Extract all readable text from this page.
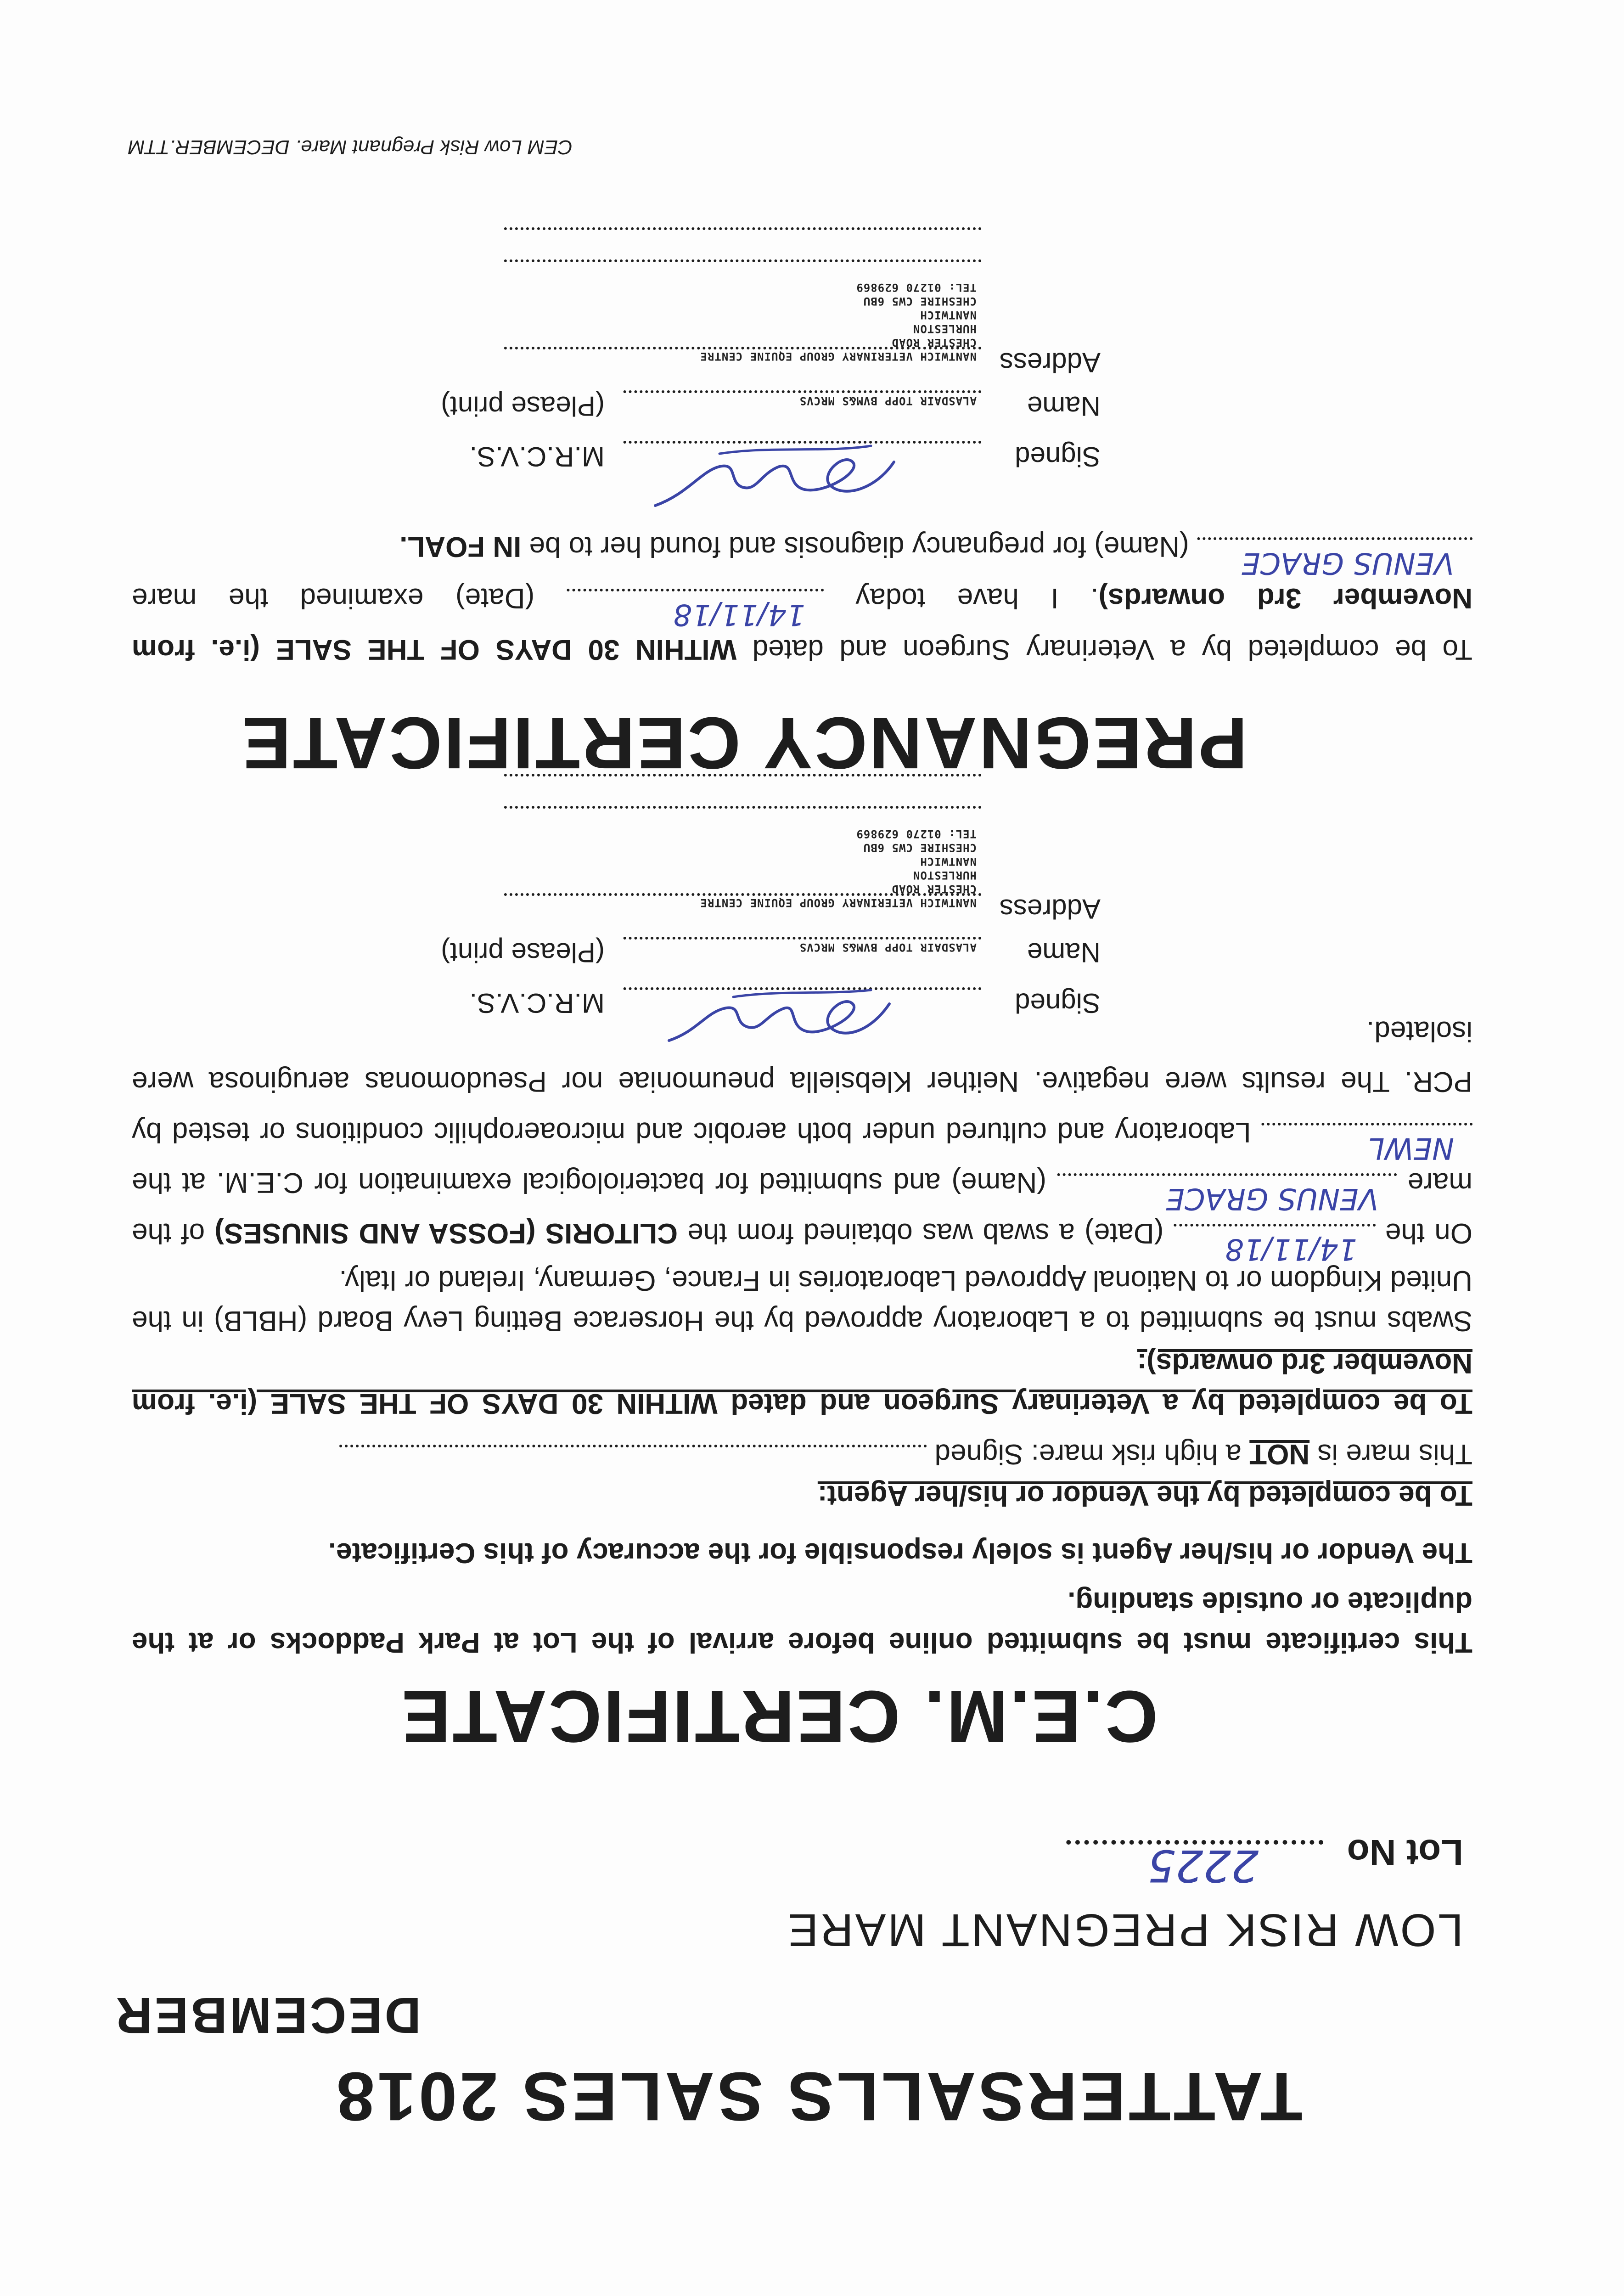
TATTERSALLS SALES 2018
DECEMBER
LOW RISK PREGNANT MARE
Lot No
2225
C.E.M. CERTIFICATE
This certificate must be submitted online before arrival of the Lot at Park Paddocks or at the duplicate or outside standing.
The Vendor or his/her Agent is solely responsible for the accuracy of this Certificate.
To be completed by the Vendor or his/her Agent:
This mare is NOT a high risk mare: Signed
To be completed by a Veterinary Surgeon and dated WITHIN 30 DAYS OF THE SALE (i.e. from November 3rd onwards):
Swabs must be submitted to a Laboratory approved by the Horserace Betting Levy Board (HBLB) in the United Kingdom or to National Approved Laboratories in France, Germany, Ireland or Italy.
On the
14/11/18
(Date) a swab was obtained from the CLITORIS (FOSSA AND SINUSES) of the mare
VENUS GRACE
(Name) and submitted for bacteriological examination for C.E.M. at the
NEWL
Laboratory and cultured under both aerobic and microaerophilic conditions or tested by PCR. The results were negative. Neither Klebsiella pneumoniae nor Pseudomonas aeruginosa were isolated.
Signed
M.R.C.V.S.
Name
ALASDAIR TOPP BVM&S MRCVS
(Please print)
Address
NANTWICH VETERINARY GROUP EQUINE CENTRE
CHESTER ROAD
HURLESTON
NANTWICH
CHESHIRE CW5 6BU
TEL: 01270 629869
PREGNANCY CERTIFICATE
To be completed by a Veterinary Surgeon and dated WITHIN 30 DAYS OF THE SALE (i.e. from November 3rd onwards). I have today
14/11/18
(Date) examined the mare
VENUS GRACE
(Name) for pregnancy diagnosis and found her to be IN FOAL.
Signed
M.R.C.V.S.
Name
ALASDAIR TOPP BVM&S MRCVS
(Please print)
Address
NANTWICH VETERINARY GROUP EQUINE CENTRE
CHESTER ROAD
HURLESTON
NANTWICH
CHESHIRE CW5 6BU
TEL: 01270 629869
CEM Low Risk Pregnant Mare. DECEMBER.TTM
